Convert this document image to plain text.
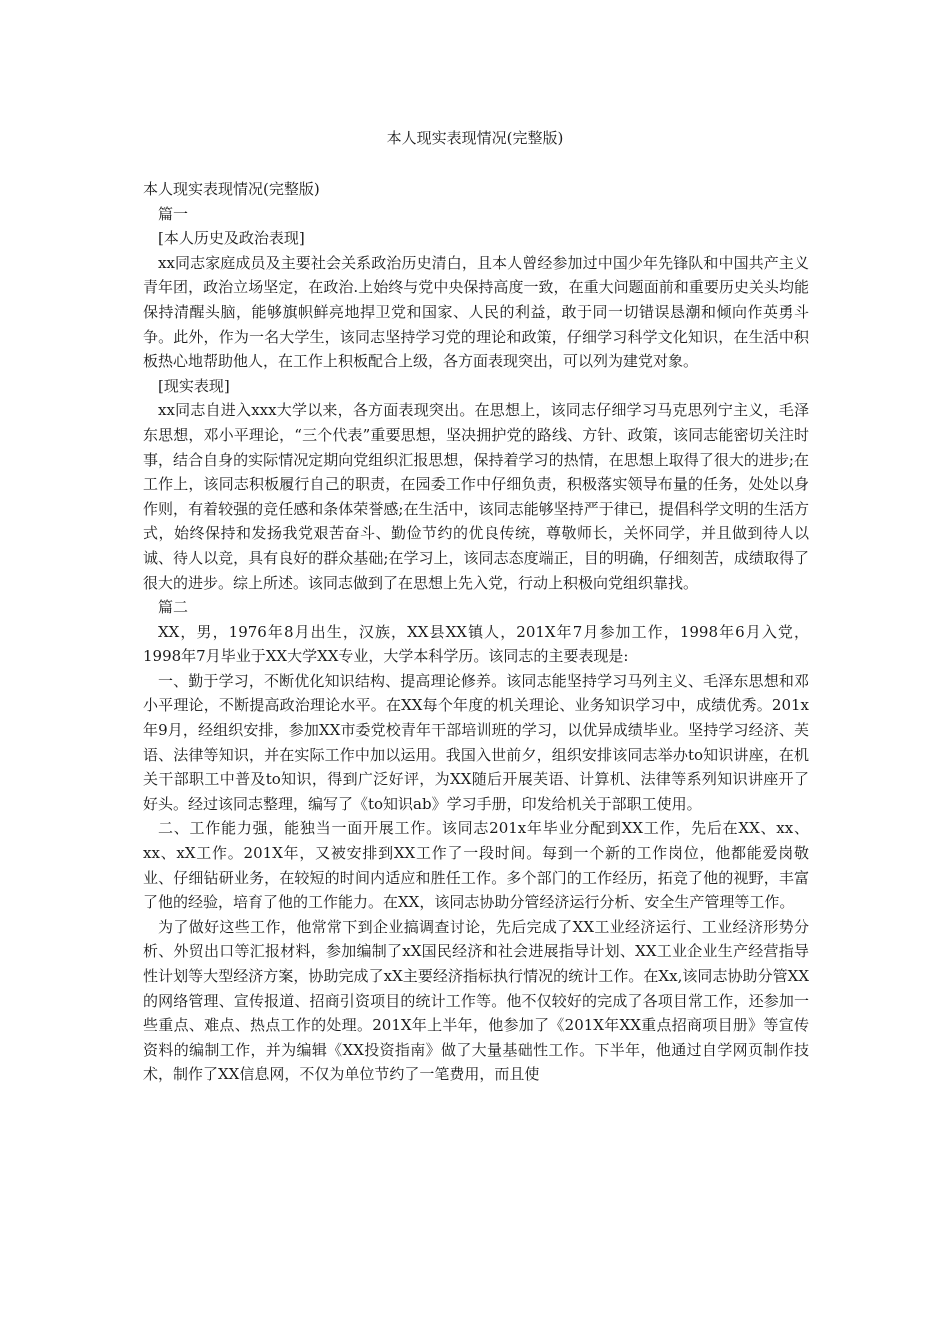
本人现实表现情况(完整版)

本人现实表现情况(完整版)

篇一

[本人历史及政治表现]

xx同志家庭成员及主要社会关系政治历史清白，且本人曾经参加过中国少年先锋队和中国共产主义青年团，政治立场坚定，在政治.上始终与党中央保持高度一致，在重大问题面前和重要历史关头均能保持清醒头脑，能够旗帜鲜亮地捍卫党和国家、人民的利益，敢于同一切错误恳潮和倾向作英勇斗争。此外，作为一名大学生，该同志坚持学习党的理论和政策，仔细学习科学文化知识，在生活中积板热心地帮助他人，在工作上积板配合上级，各方面表现突出，可以列为建党对象。

[现实表现]

xx同志自进入xxx大学以来，各方面表现突出。在思想上，该同志仔细学习马克思列宁主义，毛泽东思想，邓小平理论，“三个代表”重要思想，坚决拥护党的路线、方针、政策，该同志能密切关注时事，结合自身的实际情况定期向党组织汇报思想，保持着学习的热情，在思想上取得了很大的进步;在工作上，该同志积板履行自己的职责，在园委工作中仔细负责，积极落实领导布量的任务，处处以身作则，有着较强的竞任感和条体荣誉感;在生活中，该同志能够坚持严于律已，提倡科学文明的生活方式，始终保持和发扬我党艰苦奋斗、勤俭节约的优良传统，尊敬师长，关怀同学，并且做到待人以诚、待人以竞，具有良好的群众基础;在学习上，该同志态度端正，目的明确，仔细刻苦，成绩取得了很大的进步。综上所述。该同志做到了在思想上先入党，行动上积极向党组织靠找。

篇二

XX，男，1976年8月出生，汉族，XX县XX镇人，201X年7月参加工作，1998年6月入党，1998年7月毕业于XX大学XX专业，大学本科学历。该同志的主要表现是:

一、勤于学习，不断优化知识结构、提高理论修养。该同志能坚持学习马列主义、毛泽东思想和邓小平理论，不断提高政治理论水平。在XX每个年度的机关理论、业务知识学习中，成绩优秀。201x年9月，经组织安排，参加XX市委党校青年干部培训班的学习，以优异成绩毕业。坚持学习经济、芙语、法律等知识，并在实际工作中加以运用。我国入世前夕，组织安排该同志举办to知识讲座，在机关干部职工中普及to知识，得到广泛好评，为XX随后开展芙语、计算机、法律等系列知识讲座开了好头。经过该同志整理，编写了《to知识ab》学习手册，印发给机关于部职工使用。

二、工作能力强，能独当一面开展工作。该同志201x年毕业分配到XX工作，先后在XX、xx、xx、xX工作。201X年，又被安排到XX工作了一段时间。每到一个新的工作岗位，他都能爱岗敬业、仔细钻研业务，在较短的时间内适应和胜任工作。多个部门的工作经历，拓竞了他的视野，丰富了他的经验，培育了他的工作能力。在XX，该同志协助分管经济运行分析、安全生产管理等工作。

为了做好这些工作，他常常下到企业搞调查讨论，先后完成了XX工业经济运行、工业经济形势分析、外贸出口等汇报材料，参加编制了xX国民经济和社会进展指导计划、XX工业企业生产经营指导性计划等大型经济方案，协助完成了xX主要经济指标执行情况的统计工作。在Xx,该同志协助分管XX的网络管理、宣传报道、招商引资项目的统计工作等。他不仅较好的完成了各项目常工作，还参加一些重点、难点、热点工作的处理。201X年上半年，他参加了《201X年XX重点招商项目册》等宣传资料的编制工作，并为编辑《XX投资指南》做了大量基础性工作。下半年，他通过自学网页制作技术，制作了XX信息网，不仅为单位节约了一笔费用，而且使
